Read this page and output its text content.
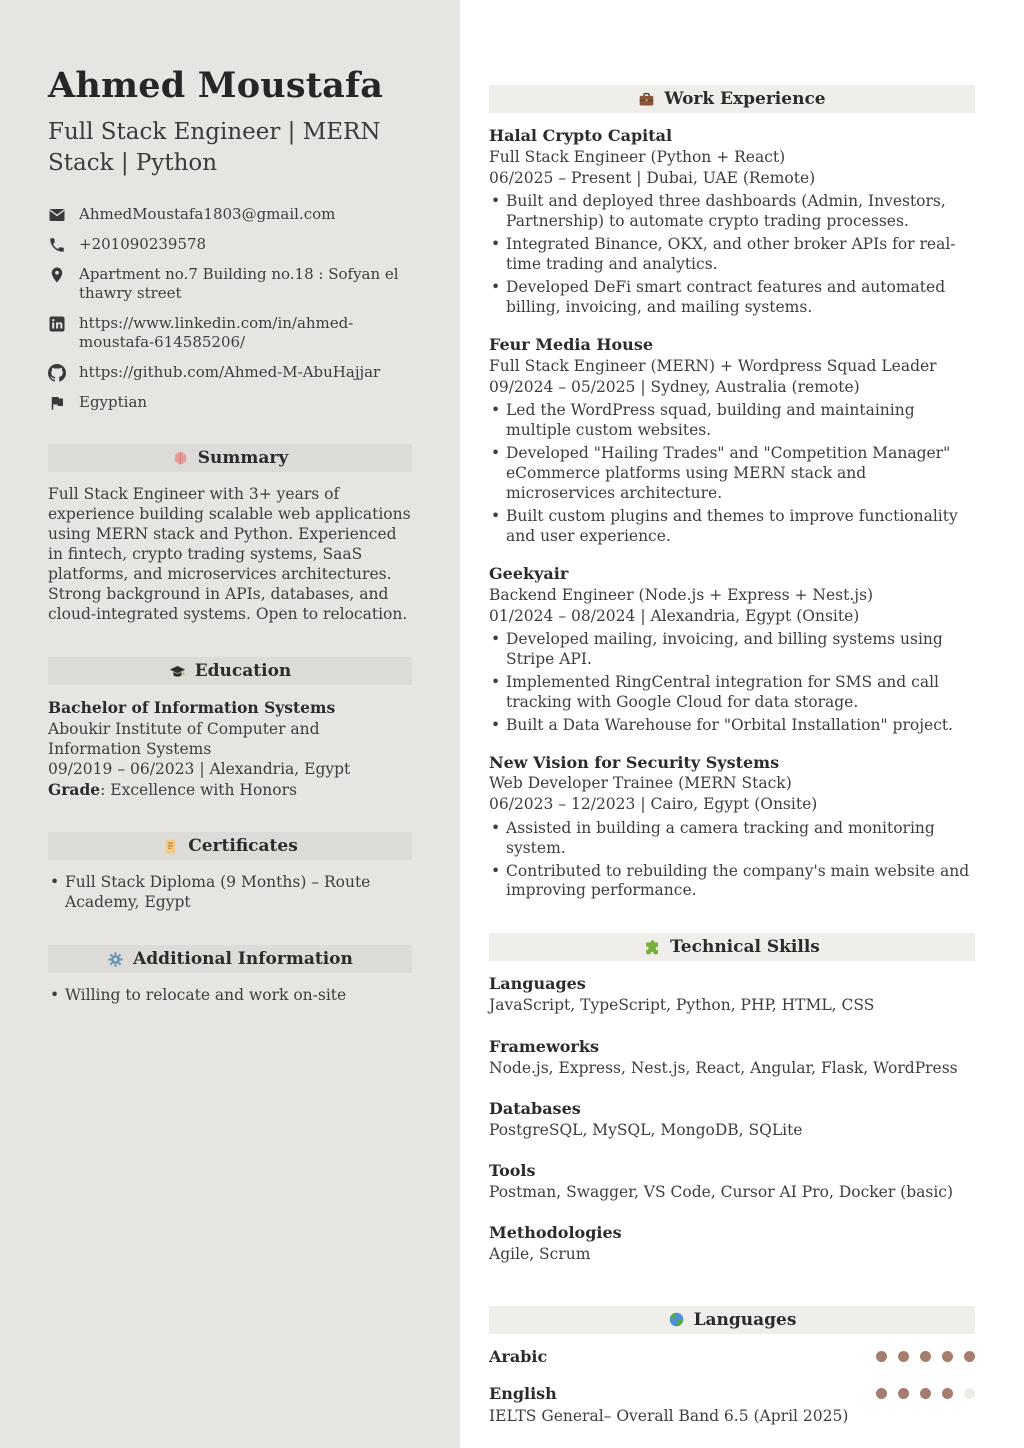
Ahmed Moustafa
Full Stack Engineer | MERN Stack | Python
AhmedMoustafa1803@gmail.com
+201090239578
Apartment no.7 Building no.18 : Sofyan el thawry street
https://www.linkedin.com/in/ahmed-moustafa-614585206/
https://github.com/Ahmed-M-AbuHajjar
Egyptian
Summary

Full Stack Engineer with 3+ years of experience building scalable web applications using MERN stack and Python. Experienced in fintech, crypto trading systems, SaaS platforms, and microservices architectures. Strong background in APIs, databases, and cloud-integrated systems. Open to relocation.

Education
Bachelor of Information Systems
Aboukir Institute of Computer and Information Systems
09/2019 – 06/2023 | Alexandria, Egypt
Grade: Excellence with Honors
Certificates
• Full Stack Diploma (9 Months) – Route Academy, Egypt
Additional Information
• Willing to relocate and work on-site
Work Experience
Halal Crypto Capital
Full Stack Engineer (Python + React)
06/2025 – Present | Dubai, UAE (Remote)
• Built and deployed three dashboards (Admin, Investors, Partnership) to automate crypto trading processes.
• Integrated Binance, OKX, and other broker APIs for real-time trading and analytics.
• Developed DeFi smart contract features and automated billing, invoicing, and mailing systems.
Feur Media House
Full Stack Engineer (MERN) + Wordpress Squad Leader
09/2024 – 05/2025 | Sydney, Australia (remote)
• Led the WordPress squad, building and maintaining multiple custom websites.
• Developed "Hailing Trades" and "Competition Manager" eCommerce platforms using MERN stack and microservices architecture.
• Built custom plugins and themes to improve functionality and user experience.
Geekyair
Backend Engineer (Node.js + Express + Nest.js)
01/2024 – 08/2024 | Alexandria, Egypt (Onsite)
• Developed mailing, invoicing, and billing systems using Stripe API.
• Implemented RingCentral integration for SMS and call tracking with Google Cloud for data storage.
• Built a Data Warehouse for "Orbital Installation" project.
New Vision for Security Systems
Web Developer Trainee (MERN Stack)
06/2023 – 12/2023 | Cairo, Egypt (Onsite)
• Assisted in building a camera tracking and monitoring system.
• Contributed to rebuilding the company's main website and improving performance.
Technical Skills
Languages
JavaScript, TypeScript, Python, PHP, HTML, CSS
Frameworks
Node.js, Express, Nest.js, React, Angular, Flask, WordPress
Databases
PostgreSQL, MySQL, MongoDB, SQLite
Tools
Postman, Swagger, VS Code, Cursor AI Pro, Docker (basic)
Methodologies
Agile, Scrum
Languages
Arabic
English
IELTS General– Overall Band 6.5 (April 2025)
